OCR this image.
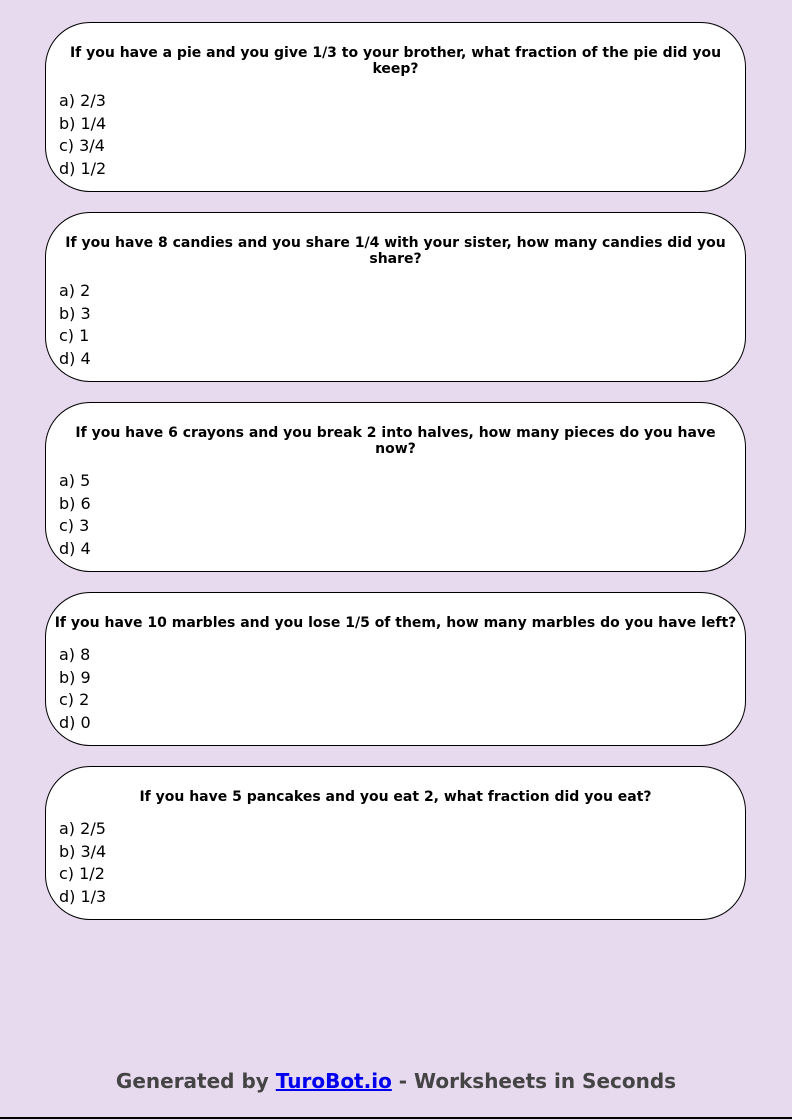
If you have a pie and you give 1/3 to your brother, what fraction of the pie did you keep?
a) 2/3
b) 1/4
c) 3/4
d) 1/2
If you have 8 candies and you share 1/4 with your sister, how many candies did you share?
a) 2
b) 3
c) 1
d) 4
If you have 6 crayons and you break 2 into halves, how many pieces do you have now?
a) 5
b) 6
c) 3
d) 4
If you have 10 marbles and you lose 1/5 of them, how many marbles do you have left?
a) 8
b) 9
c) 2
d) 0
If you have 5 pancakes and you eat 2, what fraction did you eat?
a) 2/5
b) 3/4
c) 1/2
d) 1/3
Generated by TuroBot.io - Worksheets in Seconds
